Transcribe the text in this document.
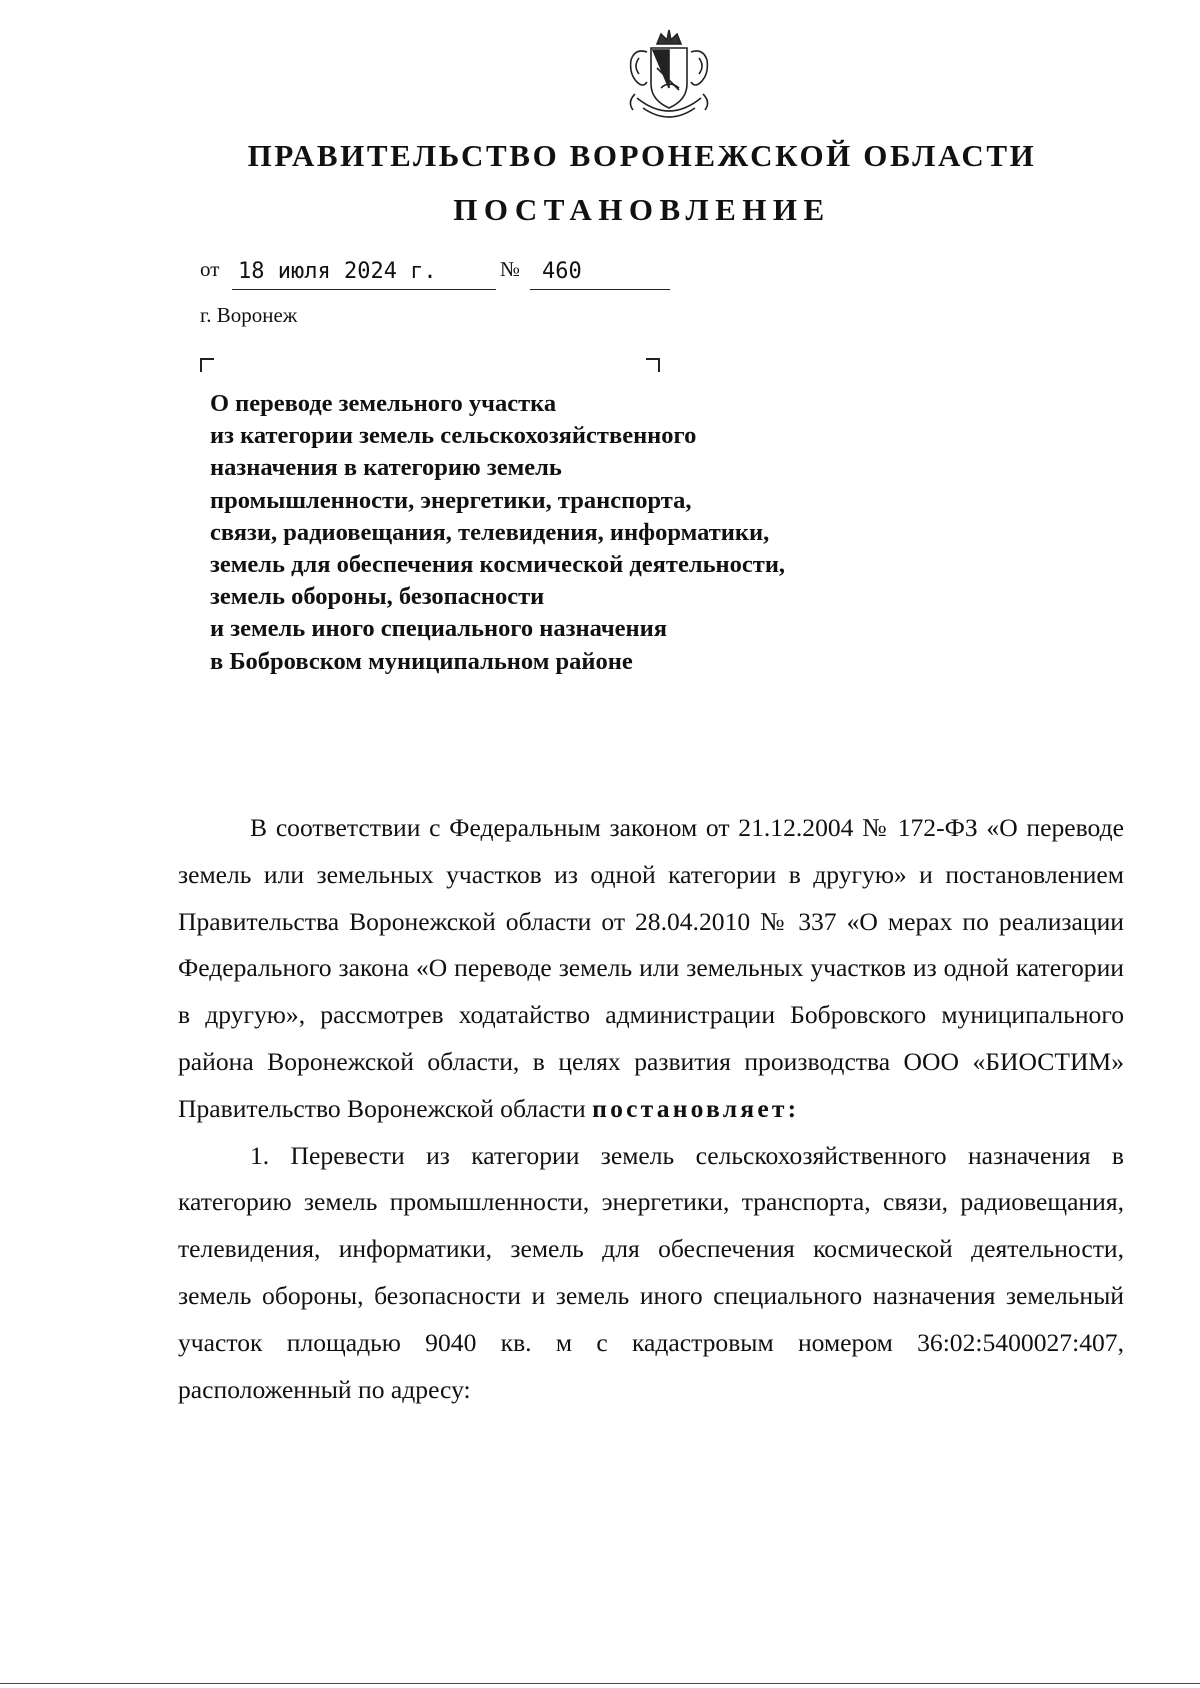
ПРАВИТЕЛЬСТВО ВОРОНЕЖСКОЙ ОБЛАСТИ
ПОСТАНОВЛЕНИЕ
от 18 июля 2024 г.	№ 460
г. Воронеж
О переводе земельного участка
из категории земель сельскохозяйственного
назначения в категорию земель
промышленности, энергетики, транспорта,
связи, радиовещания, телевидения, информатики,
земель для обеспечения космической деятельности,
земель обороны, безопасности
и земель иного специального назначения
в Бобровском муниципальном районе

В соответствии с Федеральным законом от 21.12.2004 № 172-ФЗ «О переводе земель или земельных участков из одной категории в другую» и постановлением Правительства Воронежской области от 28.04.2010 № 337 «О мерах по реализации Федерального закона «О переводе земель или земельных участков из одной категории в другую», рассмотрев ходатайство администрации Бобровского муниципального района Воронежской области, в целях развития производства ООО «БИОСТИМ» Правительство Воронежской области постановляет:

1. Перевести из категории земель сельскохозяйственного назначения в категорию земель промышленности, энергетики, транспорта, связи, радиовещания, телевидения, информатики, земель для обеспечения космической деятельности, земель обороны, безопасности и земель иного специального назначения земельный участок площадью 9040 кв. м с кадастровым номером 36:02:5400027:407, расположенный по адресу:
